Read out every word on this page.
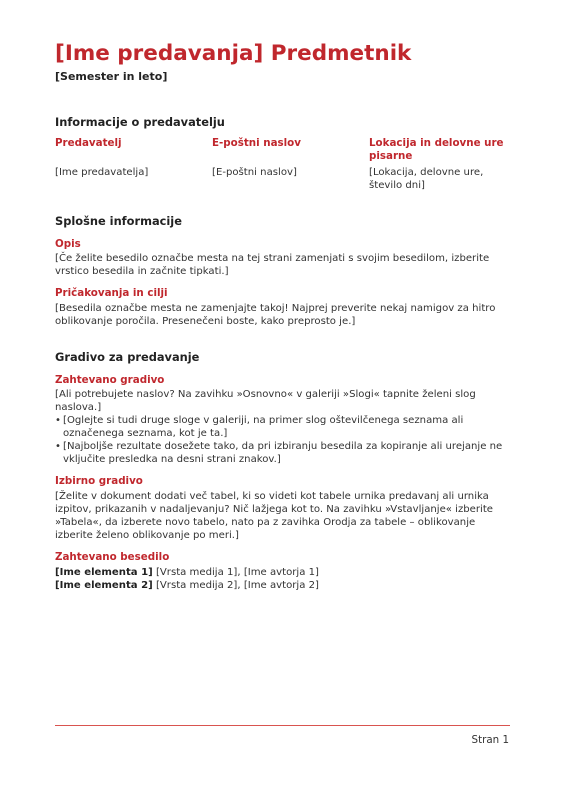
[Ime predavanja] Predmetnik

[Semester in leto]

Informacije o predavatelju
Predavatelj	E-poštni naslov	Lokacija in delovne ure pisarne
[Ime predavatelja]	[E-poštni naslov]	[Lokacija, delovne ure, število dni]
Splošne informacije
Opis

[Če želite besedilo označbe mesta na tej strani zamenjati s svojim besedilom, izberite vrstico besedila in začnite tipkati.]

Pričakovanja in cilji

[Besedila označbe mesta ne zamenjajte takoj! Najprej preverite nekaj namigov za hitro oblikovanje poročila. Presenečeni boste, kako preprosto je.]

Gradivo za predavanje
Zahtevano gradivo

[Ali potrebujete naslov? Na zavihku »Osnovno« v galeriji »Slogi« tapnite želeni slog naslova.]

• [Oglejte si tudi druge sloge v galeriji, na primer slog oštevilčenega seznama ali označenega seznama, kot je ta.]
• [Najboljše rezultate dosežete tako, da pri izbiranju besedila za kopiranje ali urejanje ne vključite presledka na desni strani znakov.]
Izbirno gradivo

[Želite v dokument dodati več tabel, ki so videti kot tabele urnika predavanj ali urnika izpitov, prikazanih v nadaljevanju? Nič lažjega kot to. Na zavihku »Vstavljanje« izberite »Tabela«, da izberete novo tabelo, nato pa z zavihka Orodja za tabele – oblikovanje izberite želeno oblikovanje po meri.]

Zahtevano besedilo

[Ime elementa 1] [Vrsta medija 1], [Ime avtorja 1]

[Ime elementa 2] [Vrsta medija 2], [Ime avtorja 2]

Stran 1
